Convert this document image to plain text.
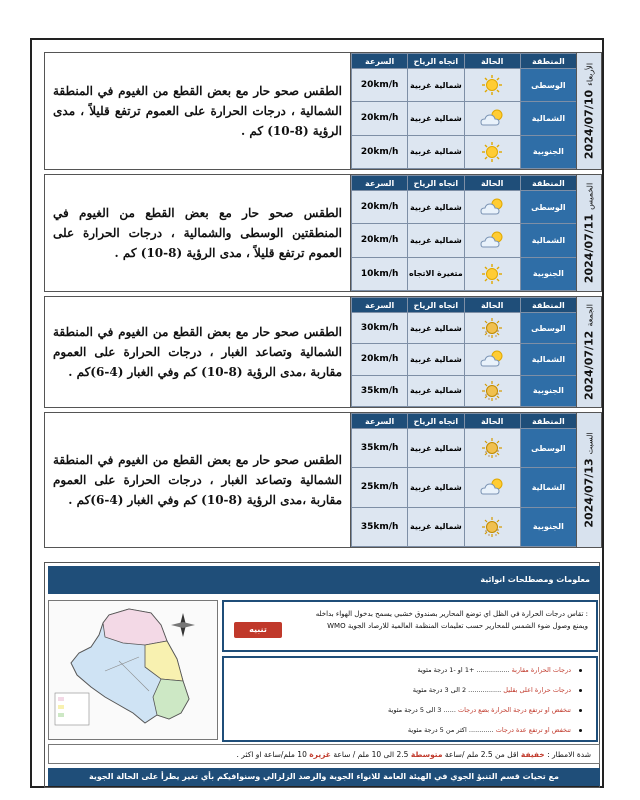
الطقس صحو حار مع بعض القطع من الغيوم في المنطقة الشمالية ، درجات الحرارة على العموم ترتفع قليلاً ، مدى الرؤية (8-10) كم .
السرعة	اتجاه الرياح	الحالة	المنطقة
20km/h	شمالية غربية		الوسطى
20km/h	شمالية غربية		الشمالية
20km/h	شمالية غربية		الجنوبية 2024/07/10الأربعاء
الطقس صحو حار مع بعض القطع من الغيوم في المنطقتين الوسطى والشمالية ، درجات الحرارة على العموم ترتفع قليلاً ، مدى الرؤية (8-10) كم .
السرعة	اتجاه الرياح	الحالة	المنطقة
20km/h	شمالية غربية		الوسطى
20km/h	شمالية غربية		الشمالية
10km/h	متغيرة الاتجاه		الجنوبية 2024/07/11الخميس
الطقس صحو حار مع بعض القطع من الغيوم في المنطقة الشمالية وتصاعد الغبار ، درجات الحرارة على العموم مقاربة ،مدى الرؤية (8-10) كم وفي الغبار (4-6)كم .
السرعة	اتجاه الرياح	الحالة	المنطقة
30km/h	شمالية غربية		الوسطى
20km/h	شمالية غربية		الشمالية
35km/h	شمالية غربية		الجنوبية 2024/07/12الجمعة
الطقس صحو حار مع بعض القطع من الغيوم في المنطقة الشمالية وتصاعد الغبار ، درجات الحرارة على العموم مقاربة ،مدى الرؤية (8-10) كم وفي الغبار (4-6)كم .
السرعة	اتجاه الرياح	الحالة	المنطقة
35km/h	شمالية غربية		الوسطى
25km/h	شمالية غربية		الشمالية
35km/h	شمالية غربية		الجنوبية 2024/07/13السبت
معلومات ومصطلحات انوائية
: تقاس درجات الحرارة في الظل اي توضع المحارير بصندوق خشبي يسمح بدخول الهواء بداخله
ويمنع وصول ضوء الشمس للمحارير حسب تعليمات المنظمة العالمية للارصاد الجوية WMO
تنبيه
درجات الحرارة مقاربة ................ +1 او -1 درجة مئوية
درجات حرارة اعلى بقليل ................ 2 الى 3 درجة مئوية
تنخفض او ترتفع درجة الحرارة بضع درجات ...... 3 الى 5 درجة مئوية
تنخفض او ترتفع عدة درجات ............ اكثر من 5 درجة مئوية
شدة الامطار : خفيفة اقل من 2.5 ملم /ساعة متوسطة 2.5 الى 10 ملم / ساعة غزيرة 10 ملم/ساعة او اكثر .
مع تحيات قسم التنبؤ الجوي في الهيئة العامة للانواء الجوية والرصد الزلزالي وسنوافيكم بأي تغير يطرأ على الحالة الجوية
